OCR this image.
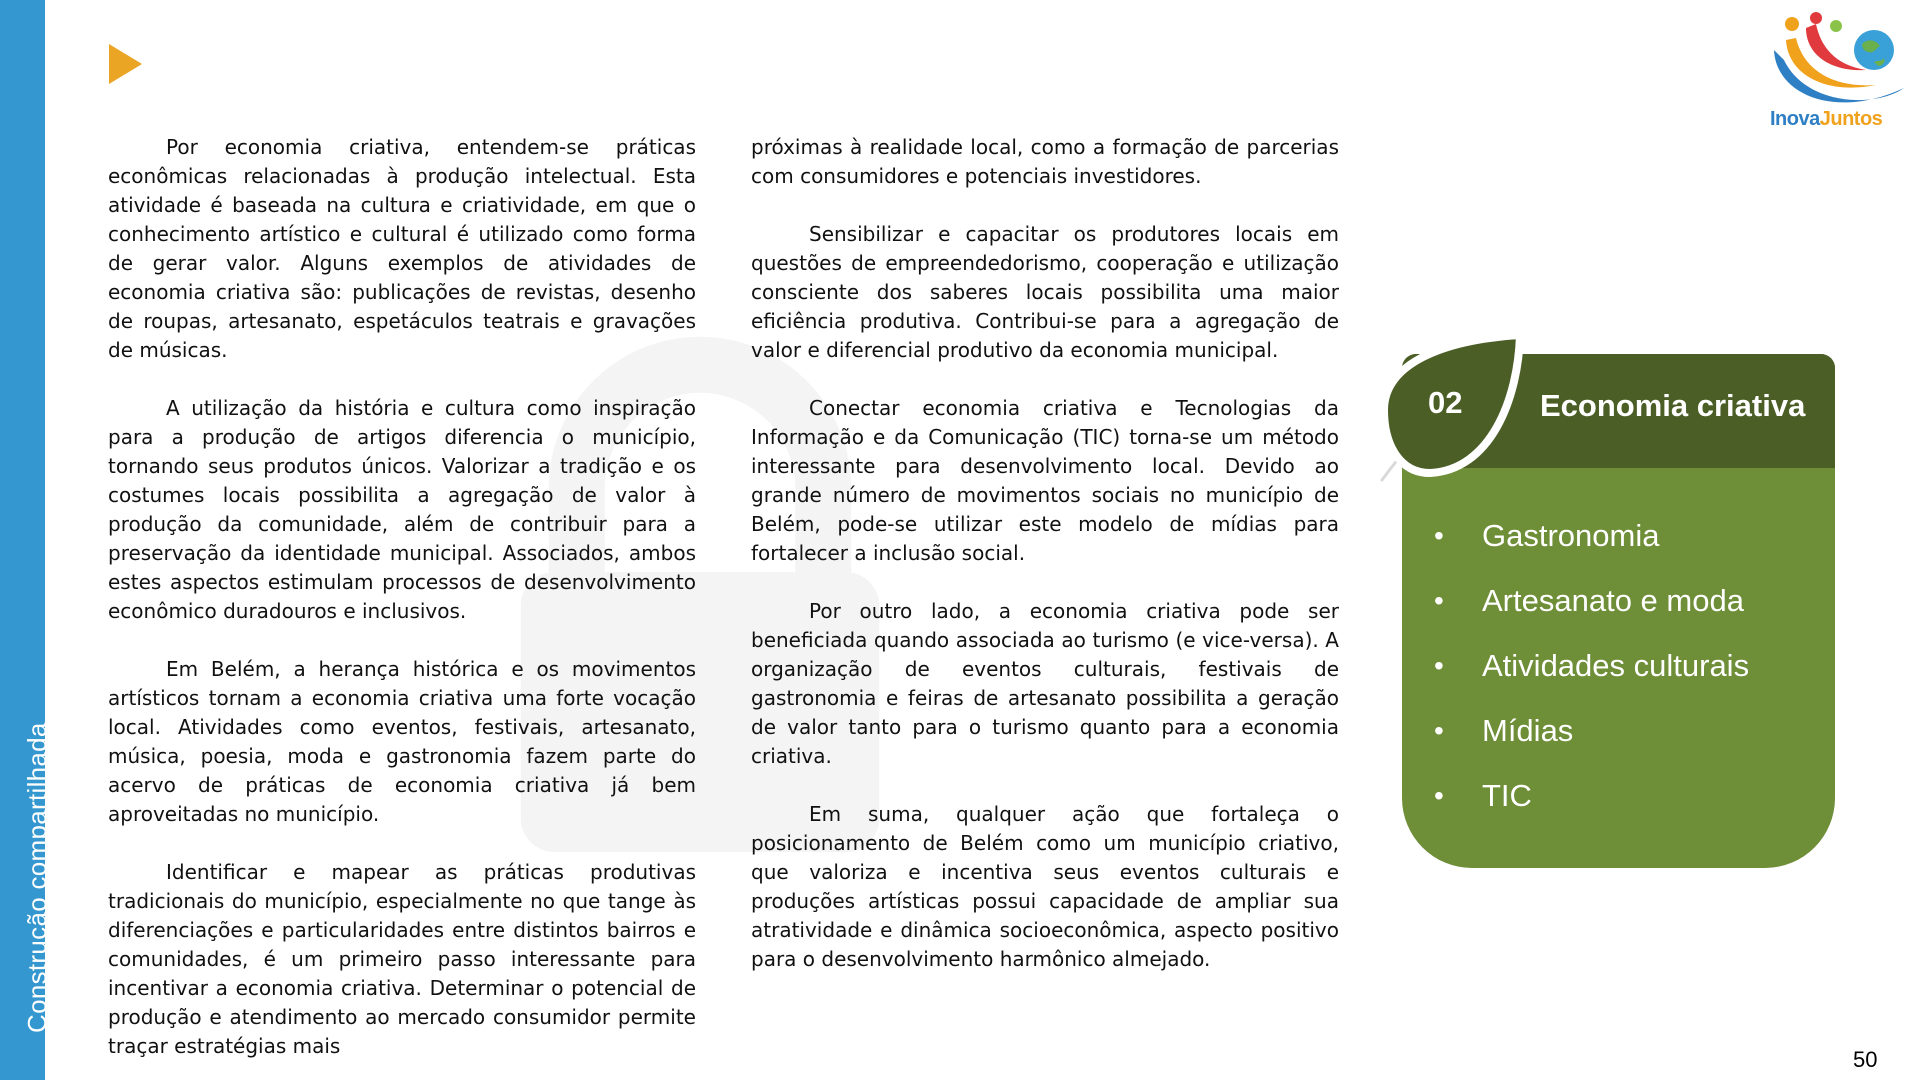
Construção compartilhada

Por economia criativa, entendem-se práticas econômicas relacionadas à produção intelectual. Esta atividade é baseada na cultura e criatividade, em que o conhecimento artístico e cultural é utilizado como forma de gerar valor. Alguns exemplos de atividades de economia criativa são: publicações de revistas, desenho de roupas, artesanato, espetáculos teatrais e gravações de músicas.

A utilização da história e cultura como inspiração para a produção de artigos diferencia o município, tornando seus produtos únicos. Valorizar a tradição e os costumes locais possibilita a agregação de valor à produção da comunidade, além de contribuir para a preservação da identidade municipal. Associados, ambos estes aspectos estimulam processos de desenvolvimento econômico duradouros e inclusivos.

Em Belém, a herança histórica e os movimentos artísticos tornam a economia criativa uma forte vocação local. Atividades como eventos, festivais, artesanato, música, poesia, moda e gastronomia fazem parte do acervo de práticas de economia criativa já bem aproveitadas no município.

Identificar e mapear as práticas produtivas tradicionais do município, especialmente no que tange às diferenciações e particularidades entre distintos bairros e comunidades, é um primeiro passo interessante para incentivar a economia criativa. Determinar o potencial de produção e atendimento ao mercado consumidor permite traçar estratégias mais

próximas à realidade local, como a formação de parcerias com consumidores e potenciais investidores.

Sensibilizar e capacitar os produtores locais em questões de empreendedorismo, cooperação e utilização consciente dos saberes locais possibilita uma maior eficiência produtiva. Contribui-se para a agregação de valor e diferencial produtivo da economia municipal.

Conectar economia criativa e Tecnologias da Informação e da Comunicação (TIC) torna-se um método interessante para desenvolvimento local. Devido ao grande número de movimentos sociais no município de Belém, pode-se utilizar este modelo de mídias para fortalecer a inclusão social.

Por outro lado, a economia criativa pode ser beneficiada quando associada ao turismo (e vice-versa). A organização de eventos culturais, festivais de gastronomia e feiras de artesanato possibilita a geração de valor tanto para o turismo quanto para a economia criativa.

Em suma, qualquer ação que fortaleça o posicionamento de Belém como um município criativo, que valoriza e incentiva seus eventos culturais e produções artísticas possui capacidade de ampliar sua atratividade e dinâmica socioeconômica, aspecto positivo para o desenvolvimento harmônico almejado.

Economia criativa
02
• Gastronomia
• Artesanato e moda
• Atividades culturais
• Mídias
• TIC
InovaJuntos
50
